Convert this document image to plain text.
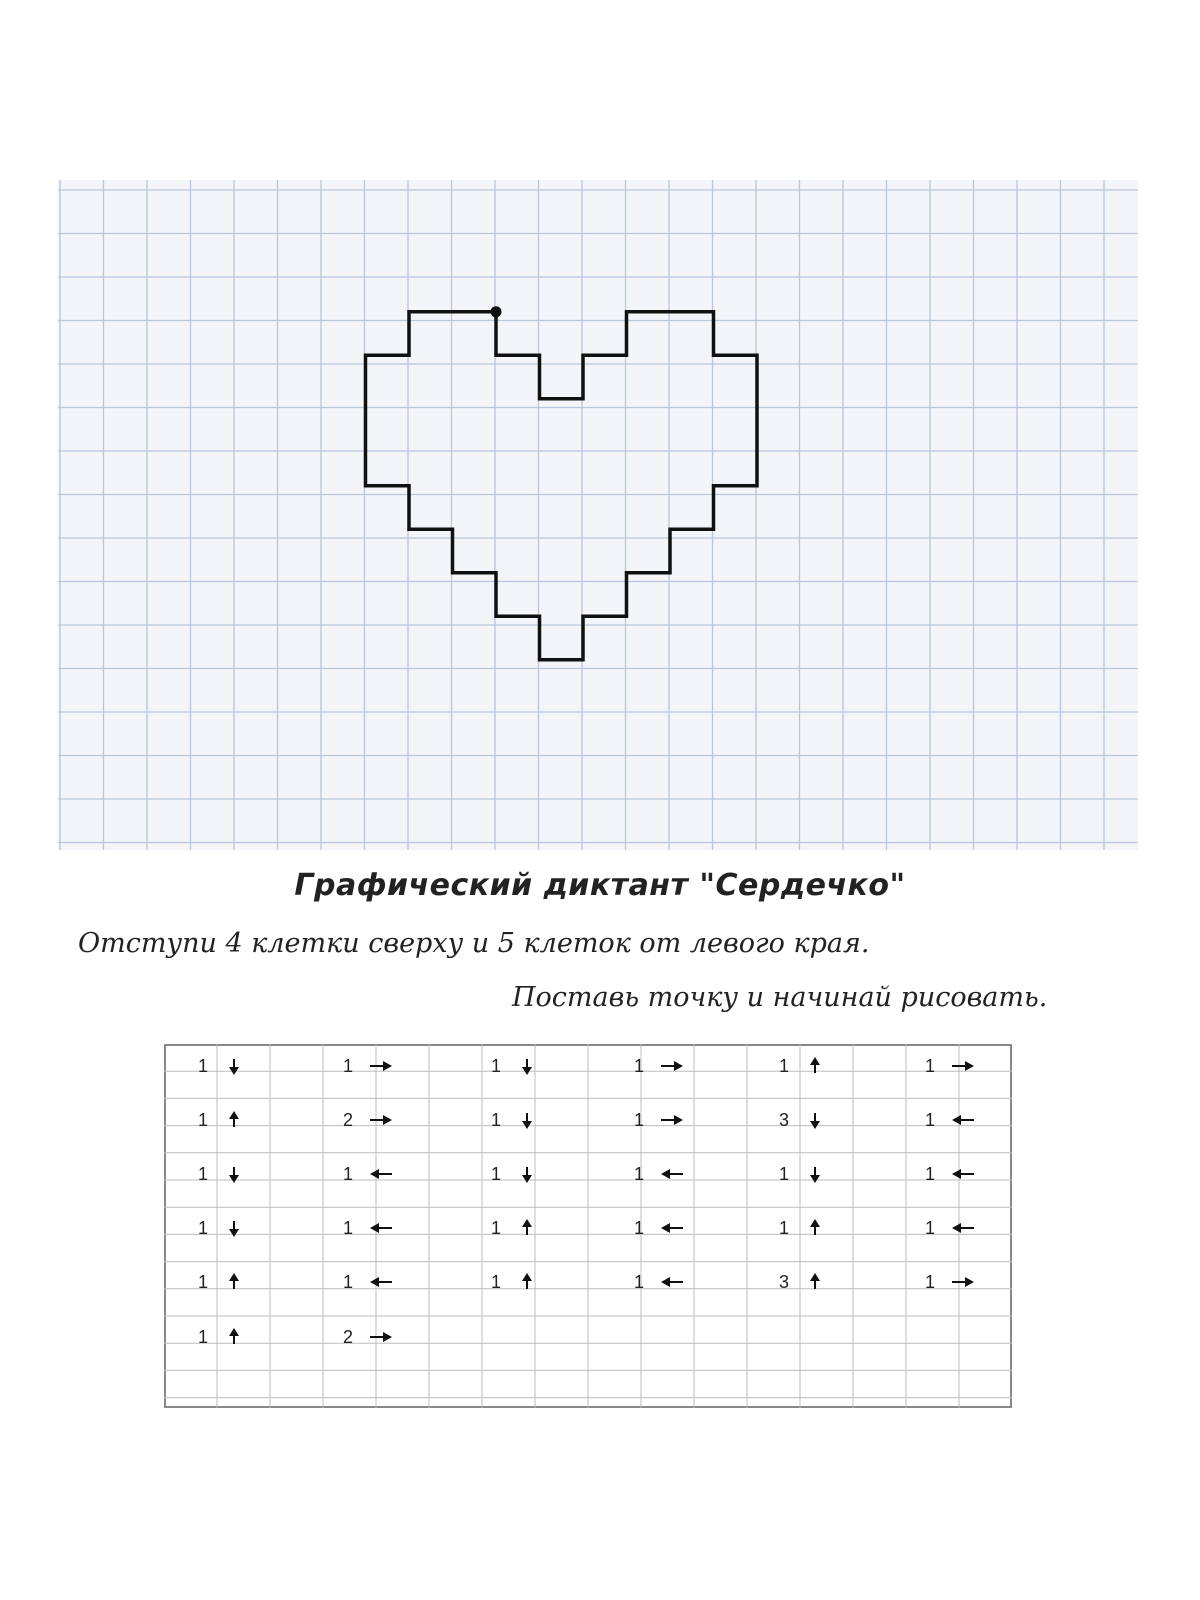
Графический диктант "Сердечко"
Отступи 4 клетки сверху и 5 клеток от левого края.
Поставь точку и начинай рисовать.
1
1
1
1
1
1
1
2
1
1
1
2
1
1
1
1
1
1
1
1
1
1
1
3
1
1
3
1
1
1
1
1
